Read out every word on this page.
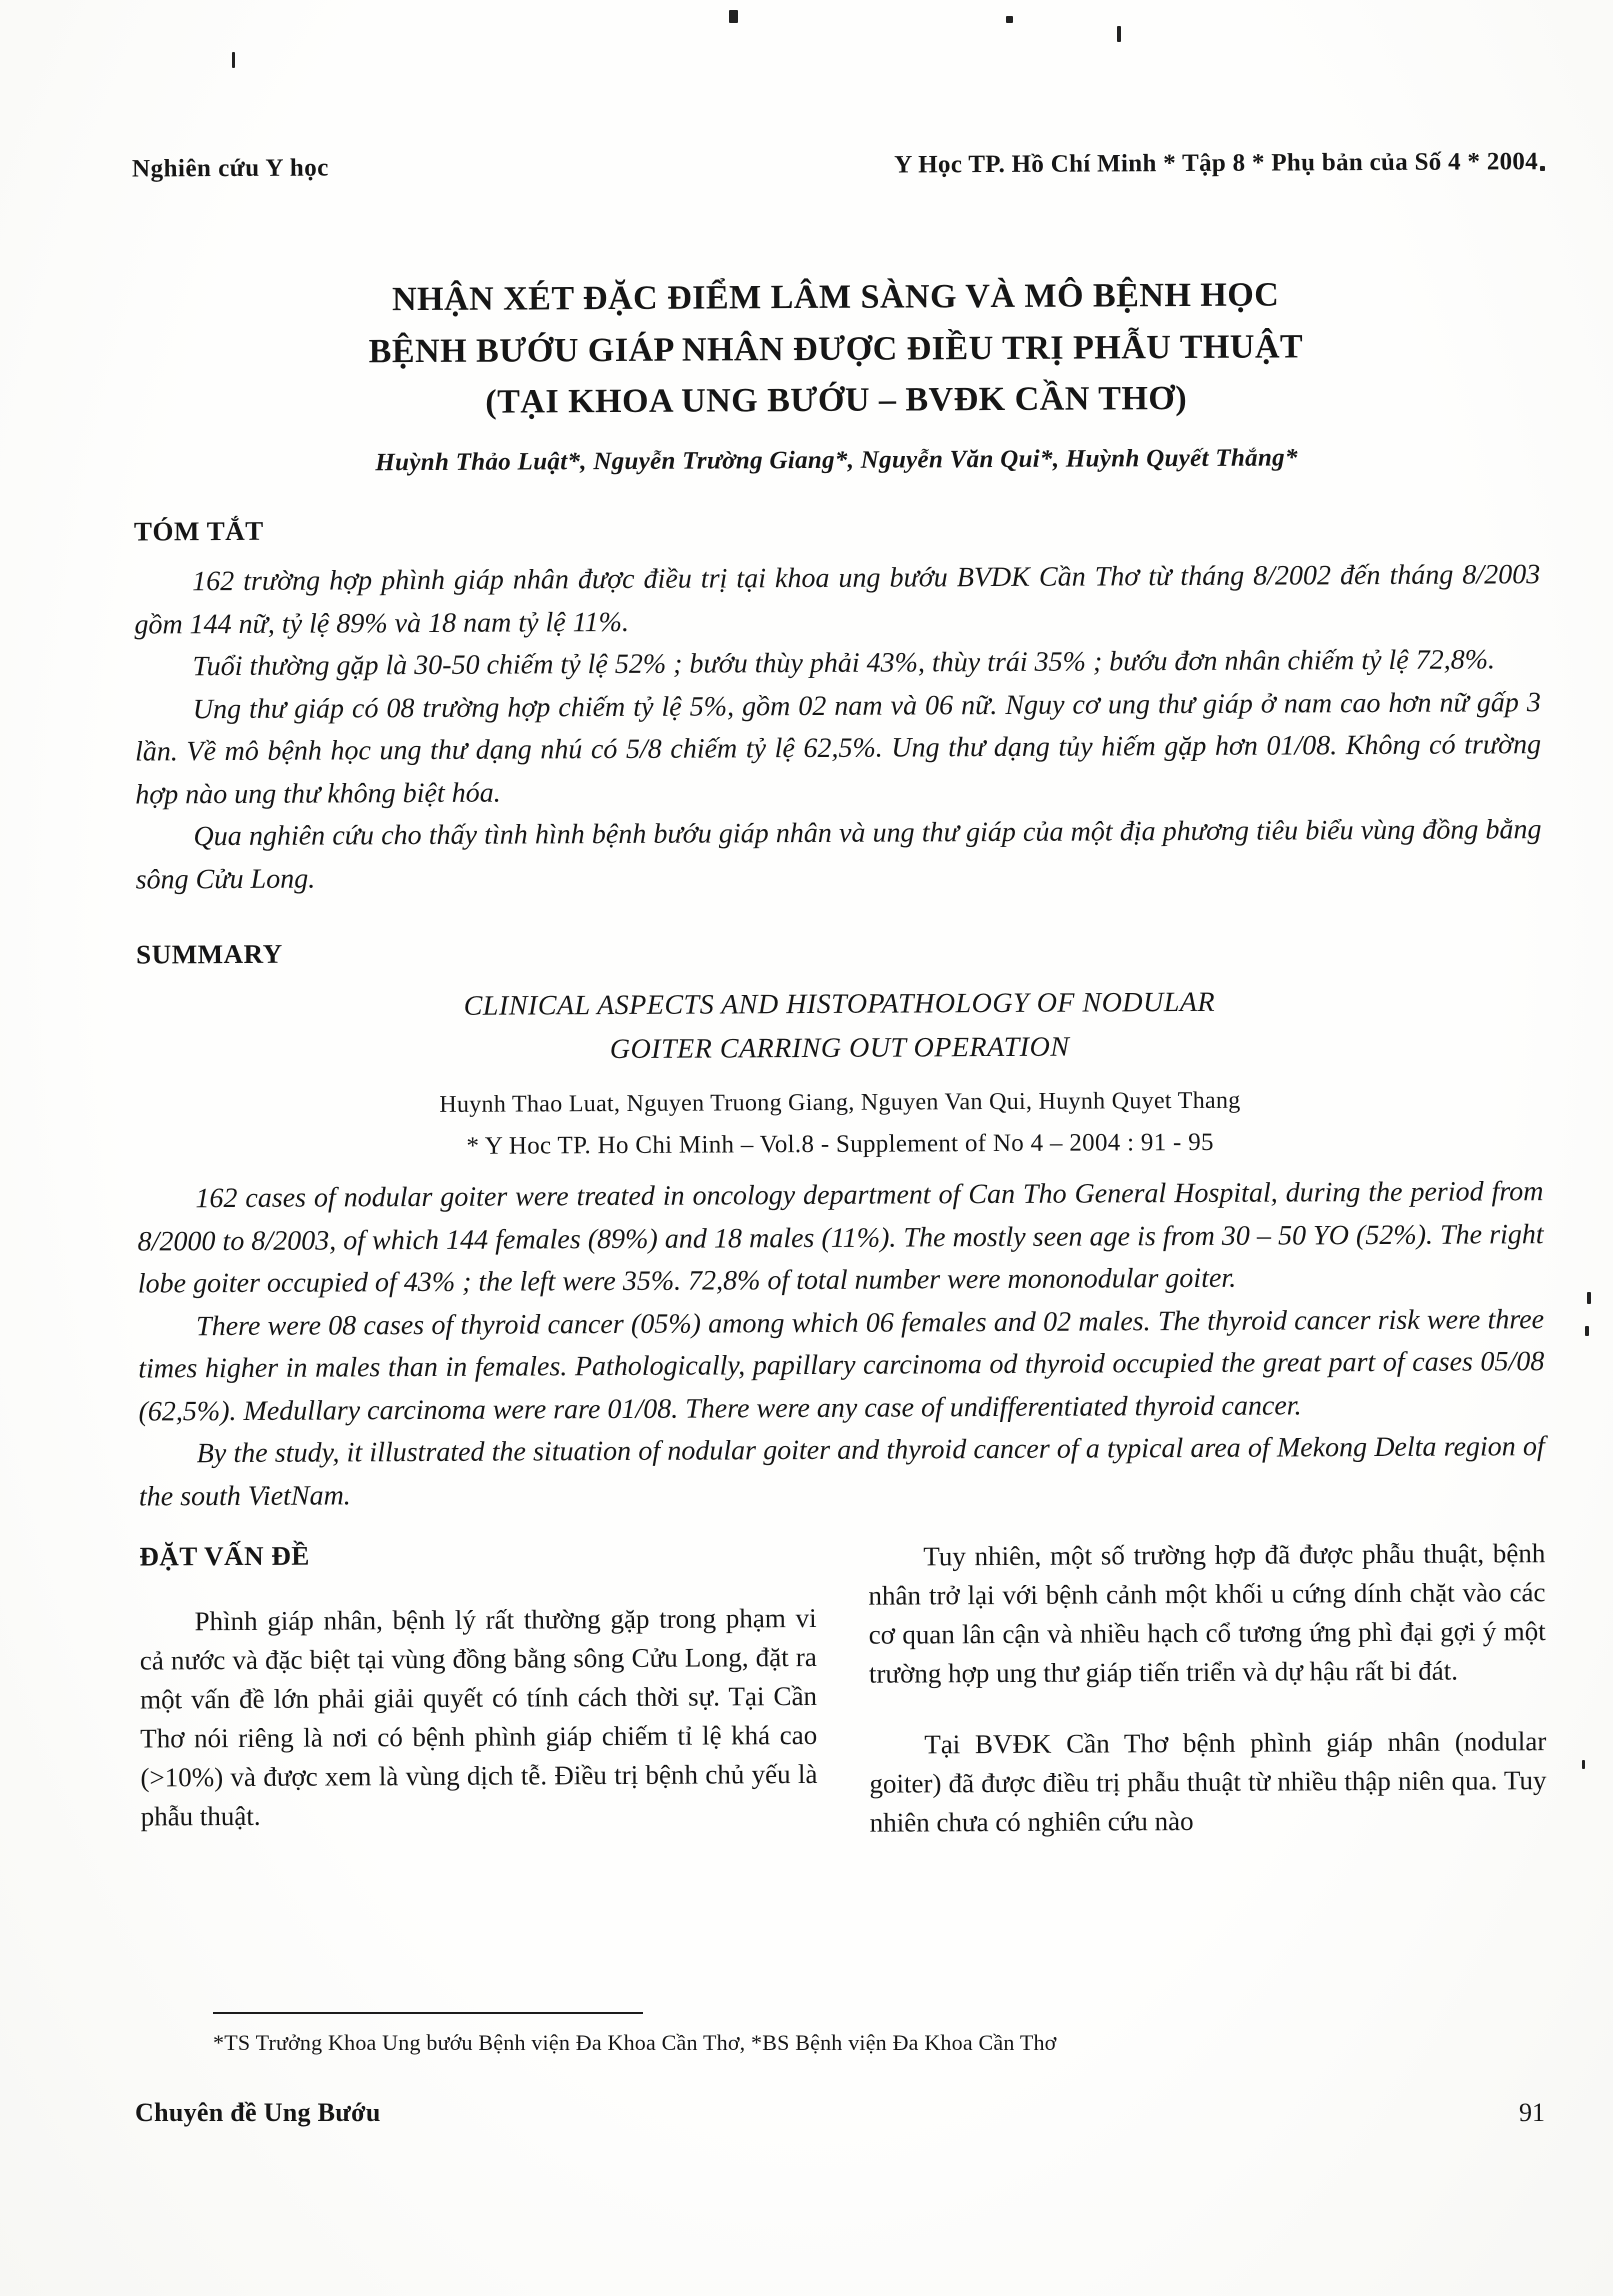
Nghiên cứu Y học	Y Học TP. Hồ Chí Minh * Tập 8 * Phụ bản của Số 4 * 2004
NHẬN XÉT ĐẶC ĐIỂM LÂM SÀNG VÀ MÔ BỆNH HỌC
BỆNH BƯỚU GIÁP NHÂN ĐƯỢC ĐIỀU TRỊ PHẪU THUẬT
(TẠI KHOA UNG BƯỚU – BVĐK CẦN THƠ)
Huỳnh Thảo Luật*, Nguyễn Trường Giang*, Nguyễn Văn Qui*, Huỳnh Quyết Thắng*
TÓM TẮT

162 trường hợp phình giáp nhân được điều trị tại khoa ung bướu BVDK Cần Thơ từ tháng 8/2002 đến tháng 8/2003 gồm 144 nữ, tỷ lệ 89% và 18 nam tỷ lệ 11%.

Tuổi thường gặp là 30-50 chiếm tỷ lệ 52% ; bướu thùy phải 43%, thùy trái 35% ; bướu đơn nhân chiếm tỷ lệ 72,8%.

Ung thư giáp có 08 trường hợp chiếm tỷ lệ 5%, gồm 02 nam và 06 nữ. Nguy cơ ung thư giáp ở nam cao hơn nữ gấp 3 lần. Về mô bệnh học ung thư dạng nhú có 5/8 chiếm tỷ lệ 62,5%. Ung thư dạng tủy hiếm gặp hơn 01/08. Không có trường hợp nào ung thư không biệt hóa.

Qua nghiên cứu cho thấy tình hình bệnh bướu giáp nhân và ung thư giáp của một địa phương tiêu biểu vùng đồng bằng sông Cửu Long.

SUMMARY
CLINICAL ASPECTS AND HISTOPATHOLOGY OF NODULAR
GOITER CARRING OUT OPERATION
Huynh Thao Luat, Nguyen Truong Giang, Nguyen Van Qui, Huynh Quyet Thang
* Y Hoc TP. Ho Chi Minh – Vol.8 - Supplement of No 4 – 2004 : 91 - 95

162 cases of nodular goiter were treated in oncology department of Can Tho General Hospital, during the period from 8/2000 to 8/2003, of which 144 females (89%) and 18 males (11%). The mostly seen age is from 30 – 50 YO (52%). The right lobe goiter occupied of 43% ; the left were 35%. 72,8% of total number were mononodular goiter.

There were 08 cases of thyroid cancer (05%) among which 06 females and 02 males. The thyroid cancer risk were three times higher in males than in females. Pathologically, papillary carcinoma od thyroid occupied the great part of cases 05/08 (62,5%). Medullary carcinoma were rare 01/08. There were any case of undifferentiated thyroid cancer.

By the study, it illustrated the situation of nodular goiter and thyroid cancer of a typical area of Mekong Delta region of the south VietNam.

ĐẶT VẤN ĐỀ

Phình giáp nhân, bệnh lý rất thường gặp trong phạm vi cả nước và đặc biệt tại vùng đồng bằng sông Cửu Long, đặt ra một vấn đề lớn phải giải quyết có tính cách thời sự. Tại Cần Thơ nói riêng là nơi có bệnh phình giáp chiếm tỉ lệ khá cao (>10%) và được xem là vùng dịch tễ. Điều trị bệnh chủ yếu là phẫu thuật.

Tuy nhiên, một số trường hợp đã được phẫu thuật, bệnh nhân trở lại với bệnh cảnh một khối u cứng dính chặt vào các cơ quan lân cận và nhiều hạch cổ tương ứng phì đại gợi ý một trường hợp ung thư giáp tiến triển và dự hậu rất bi đát.

Tại BVĐK Cần Thơ bệnh phình giáp nhân (nodular goiter) đã được điều trị phẫu thuật từ nhiều thập niên qua. Tuy nhiên chưa có nghiên cứu nào

*TS Trưởng Khoa Ung bướu Bệnh viện Đa Khoa Cần Thơ, *BS Bệnh viện Đa Khoa Cần Thơ
Chuyên đề Ung Bướu	91
